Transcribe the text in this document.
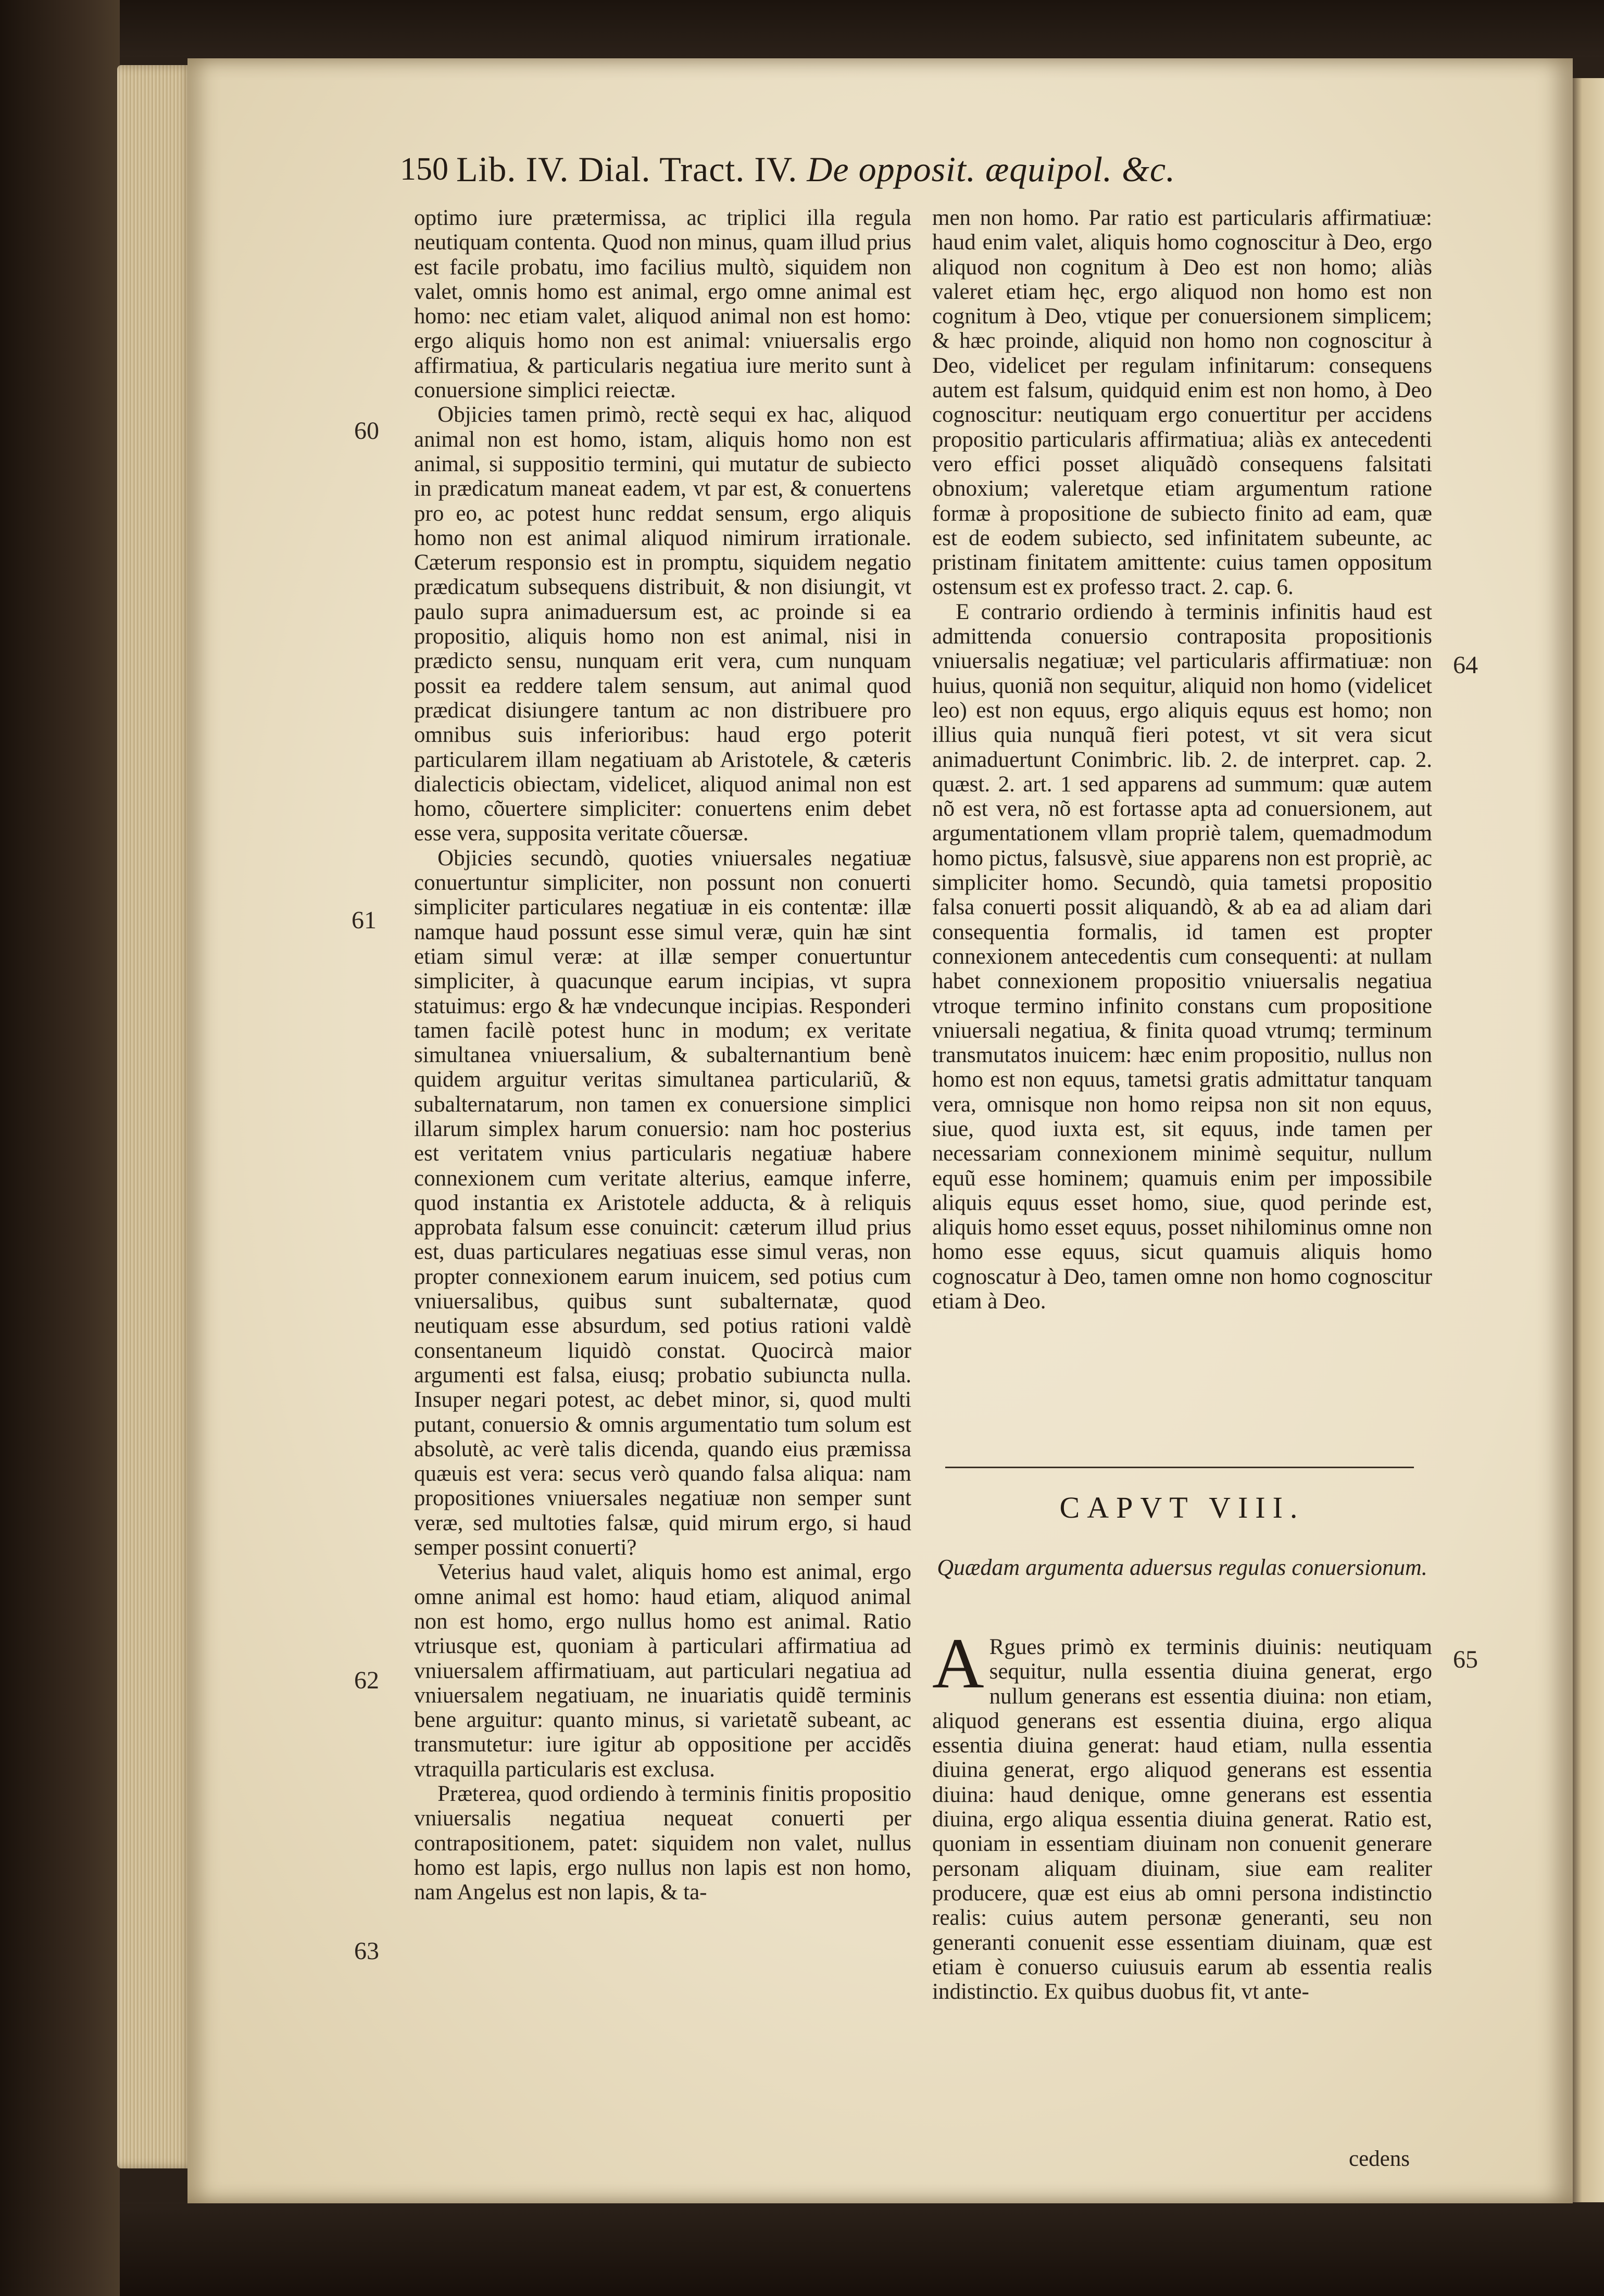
150 Lib. IV. Dial. Tract. IV. De opposit. æquipol. &c.

optimo iure prætermissa, ac triplici illa regula neutiquam contenta. Quod non minus, quam illud prius est facile probatu, imo facilius multò, siquidem non valet, omnis homo est animal, ergo omne animal est homo: nec etiam valet, aliquod animal non est homo: ergo aliquis homo non est animal: vniuersalis ergo affirmatiua, & particularis negatiua iure merito sunt à conuersione simplici reiectæ.

Objicies tamen primò, rectè sequi ex hac, aliquod animal non est homo, istam, aliquis homo non est animal, si suppositio termini, qui mutatur de subiecto in prædicatum maneat eadem, vt par est, & conuertens pro eo, ac potest hunc reddat sensum, ergo aliquis homo non est animal aliquod nimirum irrationale. Cæterum responsio est in promptu, siquidem negatio prædicatum subsequens distribuit, & non disiungit, vt paulo supra animaduersum est, ac proinde si ea propositio, aliquis homo non est animal, nisi in prædicto sensu, nunquam erit vera, cum nunquam possit ea reddere talem sensum, aut animal quod prædicat disiungere tantum ac non distribuere pro omnibus suis inferioribus: haud ergo poterit particularem illam negatiuam ab Aristotele, & cæteris dialecticis obiectam, videlicet, aliquod animal non est homo, cõuertere simpliciter: conuertens enim debet esse vera, supposita veritate cõuersæ.

Objicies secundò, quoties vniuersales negatiuæ conuertuntur simpliciter, non possunt non conuerti simpliciter particulares negatiuæ in eis contentæ: illæ namque haud possunt esse simul veræ, quin hæ sint etiam simul veræ: at illæ semper conuertuntur simpliciter, à quacunque earum incipias, vt supra statuimus: ergo & hæ vndecunque incipias. Responderi tamen facilè potest hunc in modum; ex veritate simultanea vniuersalium, & subalternantium benè quidem arguitur veritas simultanea particulariũ, & subalternatarum, non tamen ex conuersione simplici illarum simplex harum conuersio: nam hoc posterius est veritatem vnius particularis negatiuæ habere connexionem cum veritate alterius, eamque inferre, quod instantia ex Aristotele adducta, & à reliquis approbata falsum esse conuincit: cæterum illud prius est, duas particulares negatiuas esse simul veras, non propter connexionem earum inuicem, sed potius cum vniuersalibus, quibus sunt subalternatæ, quod neutiquam esse absurdum, sed potius rationi valdè consentaneum liquidò constat. Quocircà maior argumenti est falsa, eiusq; probatio subiuncta nulla. Insuper negari potest, ac debet minor, si, quod multi putant, conuersio & omnis argumentatio tum solum est absolutè, ac verè talis dicenda, quando eius præmissa quæuis est vera: secus verò quando falsa aliqua: nam propositiones vniuersales negatiuæ non semper sunt veræ, sed multoties falsæ, quid mirum ergo, si haud semper possint conuerti?

Veterius haud valet, aliquis homo est animal, ergo omne animal est homo: haud etiam, aliquod animal non est homo, ergo nullus homo est animal. Ratio vtriusque est, quoniam à particulari affirmatiua ad vniuersalem affirmatiuam, aut particulari negatiua ad vniuersalem negatiuam, ne inuariatis quidẽ terminis bene arguitur: quanto minus, si varietatẽ subeant, ac transmutetur: iure igitur ab oppositione per accidẽs vtraquilla particularis est exclusa.

Præterea, quod ordiendo à terminis finitis propositio vniuersalis negatiua nequeat conuerti per contrapositionem, patet: siquidem non valet, nullus homo est lapis, ergo nullus non lapis est non homo, nam Angelus est non lapis, & ta-

men non homo. Par ratio est particularis affirmatiuæ: haud enim valet, aliquis homo cognoscitur à Deo, ergo aliquod non cognitum à Deo est non homo; aliàs valeret etiam hęc, ergo aliquod non homo est non cognitum à Deo, vtique per conuersionem simplicem; & hæc proinde, aliquid non homo non cognoscitur à Deo, videlicet per regulam infinitarum: consequens autem est falsum, quidquid enim est non homo, à Deo cognoscitur: neutiquam ergo conuertitur per accidens propositio particularis affirmatiua; aliàs ex antecedenti vero effici posset aliquãdò consequens falsitati obnoxium; valeretque etiam argumentum ratione formæ à propositione de subiecto finito ad eam, quæ est de eodem subiecto, sed infinitatem subeunte, ac pristinam finitatem amittente: cuius tamen oppositum ostensum est ex professo tract. 2. cap. 6.

E contrario ordiendo à terminis infinitis haud est admittenda conuersio contraposita propositionis vniuersalis negatiuæ; vel particularis affirmatiuæ: non huius, quoniã non sequitur, aliquid non homo (videlicet leo) est non equus, ergo aliquis equus est homo; non illius quia nunquã fieri potest, vt sit vera sicut animaduertunt Conimbric. lib. 2. de interpret. cap. 2. quæst. 2. art. 1 sed apparens ad summum: quæ autem nõ est vera, nõ est fortasse apta ad conuersionem, aut argumentationem vllam propriè talem, quemadmodum homo pictus, falsusvè, siue apparens non est propriè, ac simpliciter homo. Secundò, quia tametsi propositio falsa conuerti possit aliquandò, & ab ea ad aliam dari consequentia formalis, id tamen est propter connexionem antecedentis cum consequenti: at nullam habet connexionem propositio vniuersalis negatiua vtroque termino infinito constans cum propositione vniuersali negatiua, & finita quoad vtrumq; terminum transmutatos inuicem: hæc enim propositio, nullus non homo est non equus, tametsi gratis admittatur tanquam vera, omnisque non homo reipsa non sit non equus, siue, quod iuxta est, sit equus, inde tamen per necessariam connexionem minimè sequitur, nullum equũ esse hominem; quamuis enim per impossibile aliquis equus esset homo, siue, quod perinde est, aliquis homo esset equus, posset nihilominus omne non homo esse equus, sicut quamuis aliquis homo cognoscatur à Deo, tamen omne non homo cognoscitur etiam à Deo.

CAPVT VIII.
Quædam argumenta aduersus regulas conuersionum.

A Rgues primò ex terminis diuinis: neutiquam sequitur, nulla essentia diuina generat, ergo nullum generans est essentia diuina: non etiam, aliquod generans est essentia diuina, ergo aliqua essentia diuina generat: haud etiam, nulla essentia diuina generat, ergo aliquod generans est essentia diuina: haud denique, omne generans est essentia diuina, ergo aliqua essentia diuina generat. Ratio est, quoniam in essentiam diuinam non conuenit generare personam aliquam diuinam, siue eam realiter producere, quæ est eius ab omni persona indistinctio realis: cuius autem personæ generanti, seu non generanti conuenit esse essentiam diuinam, quæ est etiam è conuerso cuiusuis earum ab essentia realis indistinctio. Ex quibus duobus fit, vt ante-

cedens
60
61
62
63
64
65
